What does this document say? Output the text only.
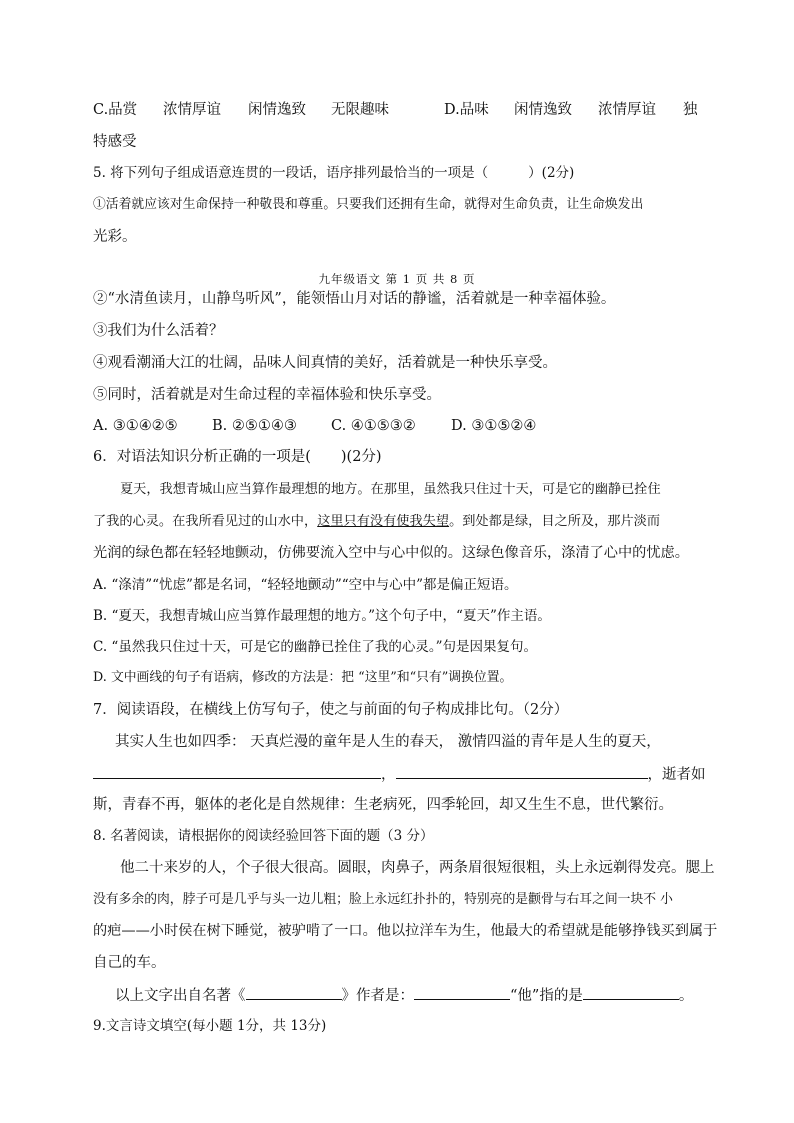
C.品赏 浓情厚谊 闲情逸致 无限趣味	D.品味 闲情逸致 浓情厚谊 独
特感受
5. 将下列句子组成语意连贯的一段话，语序排列最恰当的一项是（	）(2分)
①活着就应该对生命保持一种敬畏和尊重。只要我们还拥有生命，就得对生命负责，让生命焕发出
光彩。
九年级语文 第 1 页 共 8 页
②“水清鱼读月，山静鸟听风”，能领悟山月对话的静谧，活着就是一种幸福体验。
③我们为什么活着？
④观看潮涌大江的壮阔，品味人间真情的美好，活着就是一种快乐享受。
⑤同时，活着就是对生命过程的幸福体验和快乐享受。
A. ③①④②⑤ B. ②⑤①④③ C. ④①⑤③② D. ③①⑤②④
6．对语法知识分析正确的一项是( )(2分)
夏天，我想青城山应当算作最理想的地方。在那里，虽然我只住过十天，可是它的幽静已拴住
了我的心灵。在我所看见过的山水中，这里只有没有使我失望。到处都是绿，目之所及，那片淡而
光润的绿色都在轻轻地颤动，仿佛要流入空中与心中似的。这绿色像音乐，涤清了心中的忧虑。
A. “涤清”“忧虑”都是名词，“轻轻地颤动”“空中与心中”都是偏正短语。
B. “夏天，我想青城山应当算作最理想的地方。”这个句子中，“夏天”作主语。
C. “虽然我只住过十天，可是它的幽静已拴住了我的心灵。”句是因果复句。
D. 文中画线的句子有语病，修改的方法是：把 “这里”和“只有”调换位置。
7．阅读语段，在横线上仿写句子，使之与前面的句子构成排比句。（2分）
其实人生也如四季： 天真烂漫的童年是人生的春天， 激情四溢的青年是人生的夏天，
，	，逝者如
斯，青春不再，躯体的老化是自然规律：生老病死，四季轮回，却又生生不息，世代繁衍。
8. 名著阅读，请根据你的阅读经验回答下面的题（3 分）
他二十来岁的人，个子很大很高。圆眼，肉鼻子，两条眉很短很粗，头上永远剃得发亮。腮上
没有多余的肉，脖子可是几乎与头一边儿粗；脸上永远红扑扑的，特别亮的是颧骨与右耳之间一块不 小
的疤——小时侯在树下睡觉，被驴啃了一口。他以拉洋车为生，他最大的希望就是能够挣钱买到属于
自己的车。
以上文字出自名著《	》作者是：	“他”指的是	。
9.文言诗文填空(每小题 1分，共 13分)
